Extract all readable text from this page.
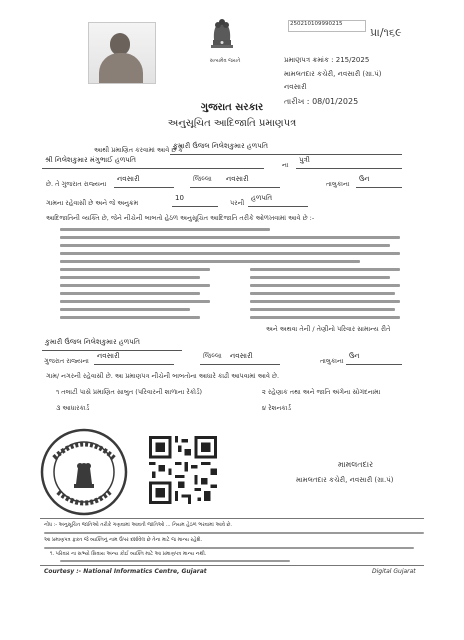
સત્યમેવ જયતે
250210109990215
પ્રા/૧૬૯
પ્રમાણપત્ર ક્રમાંક : 215/2025
મામલતદાર કચેરી, નવસારી (ગ્રા.પં)
નવસારી
તારીખ : 08/01/2025
ગુજરાત સરકાર
અનુસૂચિત આદિજાતિ પ્રમાણપત્ર
આથી પ્રમાણિત કરવામાં આવે છે કે
કુમારી ઉંજલ નિલેશકુમાર હળપતિ
શ્રી નિલેશકુમાર મંગુભાઈ હળપતિ
ના
પુત્રી
છે. તે ગુજરાત રાજ્યના
નવસારી	જિલ્લા નવસારી
તાલુકાના
ઉન
ગામના રહેવાસી છે અને જે અનુક્રમ
10
પરની
હળપતિ
આદિજાતિની વ્યક્તિ છે, જેને નીચેની બાબતો હેઠળ અનુસૂચિત આદિજાતિ તરીકે ઓળખવામાં આવે છે :-
અને અથવા તેની / તેણીનો પરિવાર સામાન્ય રીતે
કુમારી ઉંજલ નિલેશકુમાર હળપતિ
ગુજરાત રાજ્યના
નવસારી	જિલ્લા નવસારી
તાલુકાના
ઉન
ગામ/ નગરની રહેવાસી છે. આ પ્રમાણપત્ર નીચેની બાબતોના આધારે કાઢી આપવામાં આવે છે.
૧ તલાટી પાસે પ્રમાણિત સાબુત (પરિવારની શાળાના રેકોર્ડ)	૨ રહેણાક તથા અને જાતિ અંગેના સોગંદનામા
૩ આધારકાર્ડ	૪ રેશનકાર્ડ
મામલતદાર
મામલતદાર કચેરી, નવસારી (ગ્રા.પં)
નોંધ :- અનુસૂચિત જાતિઓ તરીકે ગણવામાં આવતી જાતિઓ ... નિયમ હેઠળ ભરવામાં આવે છે.
આ પ્રમાણપત્ર ફક્ત જે વ્યક્તિનું નામ ઉપર દર્શાવેલ છે તેના માટે જ માન્ય રહેશે.
૧. પરિવાર ના સભ્યો સિવાય અન્ય કોઈ વ્યક્તિ માટે આ પ્રમાણપત્ર માન્ય નથી.
Courtesy :- National Informatics Centre, Gujarat	Digital Gujarat
